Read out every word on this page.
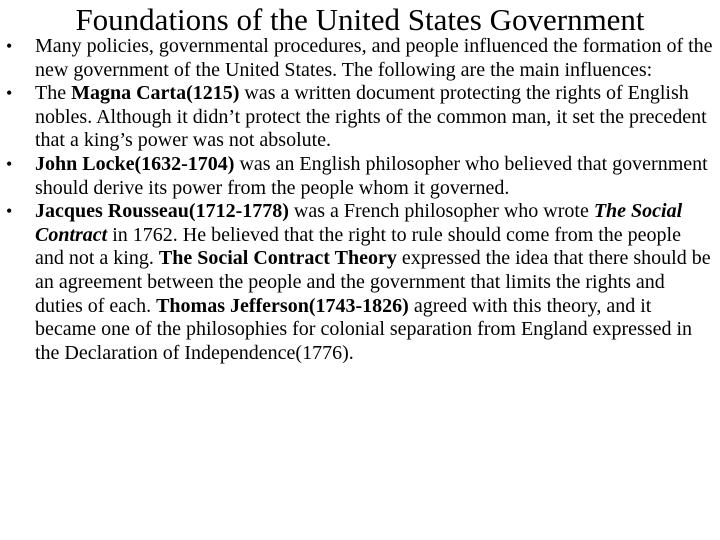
Foundations of the United States Government
• Many policies, governmental procedures, and people influenced the formation of the new government of the United States. The following are the main influences:
• The Magna Carta(1215) was a written document protecting the rights of English nobles. Although it didn’t protect the rights of the common man, it set the precedent that a king’s power was not absolute.
• John Locke(1632-1704) was an English philosopher who believed that government should derive its power from the people whom it governed.
• Jacques Rousseau(1712-1778) was a French philosopher who wrote The Social Contract in 1762. He believed that the right to rule should come from the people and not a king. The Social Contract Theory expressed the idea that there should be an agreement between the people and the government that limits the rights and duties of each. Thomas Jefferson(1743-1826) agreed with this theory, and it became one of the philosophies for colonial separation from England expressed in the Declaration of Independence(1776).
